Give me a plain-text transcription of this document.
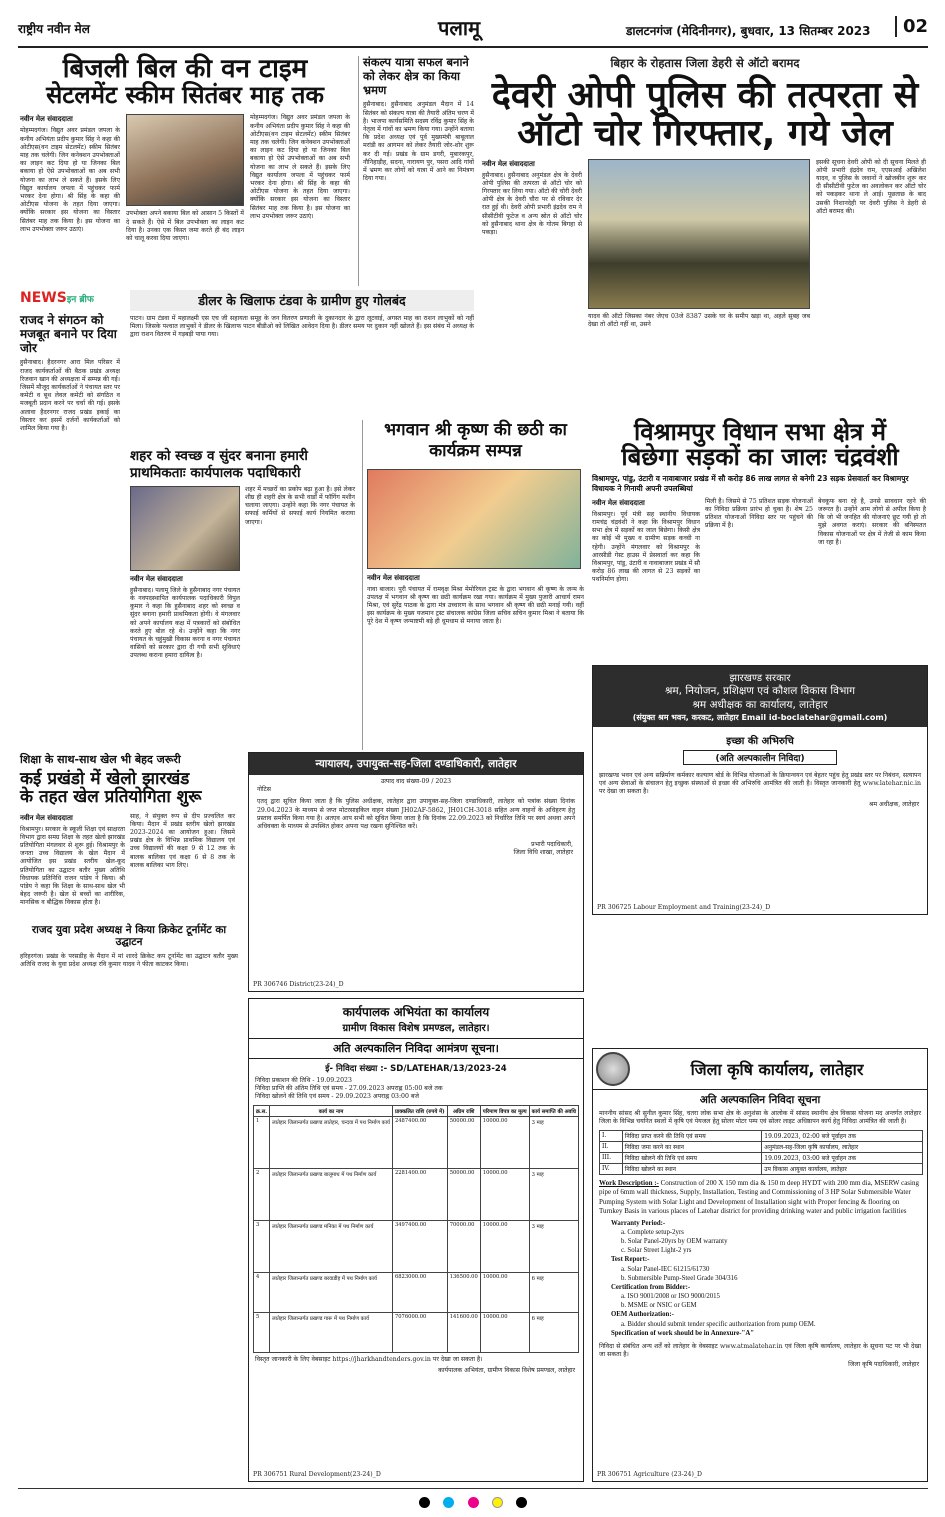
राष्ट्रीय नवीन मेल	पलामू	डालटनगंज (मेदिनीनगर), बुधवार, 13 सितम्बर 2023	02
बिजली बिल की वन टाइम
सेटलमेंट स्कीम सितंबर माह तक
नवीन मेल संवाददाता
मोहम्मदगंज। विद्युत अवर प्रमंडल जपला के कनीय अभियंता प्रदीप कुमार सिंह ने कहा की ओटीएस(वन टाइम सेटलमेंट) स्कीम सितंबर माह तक चलेगी। जिन कनेक्शन उपभोक्ताओं का लाइन कट दिया हो या जिनका बिल बकाया हो ऐसे उपभोक्ताओं का अब सभी योजना का लाभ ले सकते हैं। इसके लिए विद्युत कार्यालय जपला में पहुंचकर फार्म भरकर देना होगा। श्री सिंह के कहा की ओटीएस योजना के तहत दिया जाएगा। क्योंकि सरकार इस योजना का विस्तार सितंबर माह तक किया है। इस योजना का लाभ उपभोक्ता जरूर उठाएं।
उपभोक्ता अपने बकाया बिल को आसान 5 किस्तों में दे सकते हैं। ऐसे में बिल उपभोक्ता का लाइन कट दिया है। उनका एक किस्त जमा करते ही बंद लाइन को चालू करवा दिया जाएगा।
मोहम्मदगंज। विद्युत अवर प्रमंडल जपला के कनीय अभियंता प्रदीप कुमार सिंह ने कहा की ओटीएस(वन टाइम सेटलमेंट) स्कीम सितंबर माह तक चलेगी। जिन कनेक्शन उपभोक्ताओं का लाइन कट दिया हो या जिनका बिल बकाया हो ऐसे उपभोक्ताओं का अब सभी योजना का लाभ ले सकते हैं। इसके लिए विद्युत कार्यालय जपला में पहुंचकर फार्म भरकर देना होगा। श्री सिंह के कहा की ओटीएस योजना के तहत दिया जाएगा। क्योंकि सरकार इस योजना का विस्तार सितंबर माह तक किया है। इस योजना का लाभ उपभोक्ता जरूर उठाएं।
संकल्प यात्रा सफल बनाने को लेकर क्षेत्र का किया भ्रमण
हुसैनाबाद। हुसैनाबाद अनुमंडल मैदान में 14 सितंबर को संकल्प यात्रा की तैयारी अंतिम चरण में है। भाजपा कार्यसमिति सदस्य रविंद्र कुमार सिंह के नेतृत्व में गांवों का भ्रमण किया गया। उन्होंने बताया कि प्रदेश अध्यक्ष एवं पूर्व मुख्यमंत्री बाबूलाल मरांडी का आगमन को लेकर तैयारी जोर-शोर शुरू कर दी गई। प्रखंड के ग्राम डगरी, मुबारकपुर, नौनिहाड़ीह, सदना, नारायण पुर, पसरा आदि गांवों में भ्रमण कर लोगों को यात्रा में आने का निमंत्रण दिया गया।
बिहार के रोहतास जिला डेहरी से ऑटो बरामद
देवरी ओपी पुलिस की तत्परता से
ऑटो चोर गिरफ्तार, गये जेल
नवीन मेल संवाददाता
हुसैनाबाद। हुसैनाबाद अनुमंडल क्षेत्र के देवरी ओपी पुलिस की तत्परता से ऑटो चोर को गिरफ्तार कर लिया गया। ऑटो की चोरी देवरी ओपी क्षेत्र के देवरी चौरा पर से रविवार देर रात हुई थी। देवरी ओपी प्रभारी इंद्रदेव राम ने सीसीटीवी फुटेज व अन्य स्रोत से ऑटो चोर को हुसैनाबाद थाना क्षेत्र के गोतम बिगहा से पकड़ा।
यादव की ऑटो जिसका नंबर जेएच 03जे 8387 उसके घर के समीप खड़ा था, अहले सुबह जब देखा तो ऑटो नहीं था, उसने
इसकी सूचना देवरी ओपी को दी सूचना मिलते ही ओपी प्रभारी इंद्रदेव राम, एएसआई अखिलेश यादव, व पुलिस के जवानों ने खोजबीन शुरू कर दी सीसीटीवी फुटेज का अवलोकन कर ऑटो चोर को पकड़कर थाना ले आई। पूछताछ के बाद उसकी निशानदेही पर देवरी पुलिस ने डेहरी से ऑटो बरामद की।
NEWSइन ब्रीफ
राजद ने संगठन को मजबूत बनाने पर दिया जोर
हुसैनाबाद। हैदरनगर आरा मिल परिसर में राजद कार्यकर्ताओं की बैठक प्रखंड अध्यक्ष रिजवान खान की अध्यक्षता में सम्पन्न की गई। जिसमें मौजूद कार्यकर्ताओं ने पंचायत स्तर पर कमेटी व बूथ लेवल कमेटी को संगठित व मजबूती प्रदान करने पर चर्चा की गई। इसके अलावा हैदरनगर राजद प्रखंड इकाई का विस्तार कर इसमें दर्जनों कार्यकर्ताओं को शामिल किया गया है।
डीलर के खिलाफ टंडवा के ग्रामीण हुए गोलबंद
पाटन। ग्राम टंडवा में महालक्ष्मी एस एच जी सहायता समूह के जन वितरण प्रणाली के दुकानदार के द्वारा लूटवाई, अगस्त माह का राशन लाभुकों को नहीं मिला। जिसके पश्चात लाभुकों ने डीलर के खिलाफ पाटन बीडीओ को लिखित आवेदन दिया है। डीलर समय पर दुकान नहीं खोलते हैं। इस संबंध में अध्यक्ष के द्वारा राशन वितरण में गड़बड़ी पाया गया।
शहर को स्वच्छ व सुंदर बनाना हमारी प्राथमिकताः कार्यपालक पदाधिकारी
नवीन मेल संवाददाता
हुसैनाबाद। पलामू जिले के हुसैनाबाद नगर पंचायत के नवपदस्थापित कार्यपालक पदाधिकारी विपुल कुमार ने कहा कि हुसैनाबाद शहर को स्वच्छ व सुंदर बनाना हमारी प्राथमिकता होगी। वे मंगलवार को अपने कार्यालय कक्ष में पत्रकारों को संबोधित करते हुए बोल रहे थे। उन्होंने कहा कि नगर पंचायत के चहुंमुखी विकास करना व नगर पंचायत वासियों को सरकार द्वारा दी गयी सभी सुविधाएं उपलब्ध कराना हमारा दायित्व है।
शहर में मच्छरों का प्रकोप बढ़ा हुआ है। इसे लेकर शीघ्र ही शहरी क्षेत्र के सभी वार्डों में फॉगिंग मशीन चलाया जाएगा। उन्होंने कहा कि नगर पंचायत के सफाई कर्मियों से सफाई कार्य नियमित कराया जाएगा।
भगवान श्री कृष्ण की छठी का कार्यक्रम सम्पन्न
नवीन मेल संवाददाता
नावा बाजार। पुरी पंचायत में रामवृक्ष मिश्रा मेमोरियल ट्रस्ट के द्वारा भगवान श्री कृष्ण के जन्म के उपलक्ष में भगवान श्री कृष्ण का छठी कार्यक्रम रखा गया। कार्यक्रम में मुख्य पुजारी आचार्य रामन मिश्रा, एवं सुरेंद्र पाठक के द्वारा मंत्र उच्चारण के साथ भगवान श्री कृष्ण की छठी मनाई गयी। वहीं इस कार्यक्रम के मुख्य यजमान ट्रस्ट संचालक कांग्रेस जिला सचिव सचिन कुमार मिश्रा ने बताया कि पूरे देश में कृष्ण जन्माष्टमी बड़े ही धूमधाम से मनाया जाता है।
विश्रामपुर विधान सभा क्षेत्र में
बिछेगा सड़कों का जालः चंद्रवंशी
विश्रामपुर, पांडु, उंटारी व नावाबाजार प्रखंड में सौ करोड़ 86 लाख लागत से बनेगी 23 सड़क प्रेसवार्ता कर विश्रामपुर विधायक ने गिनायी अपनी उपलब्धियां
नवीन मेल संवाददाता
विश्रामपुर। पूर्व मंत्री सह स्थानीय विधायक रामचंद्र चंद्रवंशी ने कहा कि विश्रामपुर विधान सभा क्षेत्र में सड़कों का जाल बिछेगा। किसी क्षेत्र का कोई भी मुख्य व ग्रामीण सड़क कच्ची ना रहेगी। उन्होंने मंगलवार को विश्रामपुर के आरसीडी गेस्ट हाउस में प्रेसवार्ता कर कहा कि विश्रामपुर, पांडु, उंटारी व नावाबाजार प्रखंड में सौ करोड़ 86 लाख की लागत से 23 सड़कों का पथनिर्माण होगा।
मिली है। जिसमे से 75 प्रतिशत सड़क योजनाओं का निविदा प्रक्रिया प्रारंभ हो चुका है। शेष 25 प्रतिशत योजनाओं निविदा स्तर पर पहुंचने की प्रक्रिया में है।
बेवकूफ बना रहे है, उनसे सावधान रहने की जरूरत है। उन्होंने आम लोगो से अपील किया है कि जो भी जनहित की योजनाएं छूट गयी हो तो मुझे अवगत कराएं। सरकार की बनिस्पतत विकास योजनाओं पर क्षेत्र में तेजी से काम किया जा रहा है।
झारखण्ड सरकार
श्रम, नियोजन, प्रशिक्षण एवं कौशल विकास विभाग
श्रम अधीक्षक का कार्यालय, लातेहार
(संयुक्त श्रम भवन, करकट, लातेहार Email id-boclatehar@gmail.com)
इच्छा की अभिरुचि
(अति अल्पकालीन निविदा)
झारखण्ड भवन एवं अन्य सन्निर्माण कर्मकार कल्याण बोर्ड के विभिन्न योजनाओं के क्रियान्वयन एवं बेहतर पहुंच हेतु प्रखंड स्तर पर निबंधन, सत्यापन एवं अन्य सेवाओं के संचालन हेतु इच्छुक संस्थाओं से इच्छा की अभिरुचि आमंत्रित की जाती है। विस्तृत जानकारी हेतु www.latehar.nic.in पर देखा जा सकता है।
श्रम अधीक्षक, लातेहार
PR 306725 Labour Employment and Training(23-24)_D
शिक्षा के साथ-साथ खेल भी बेहद जरूरी
कई प्रखंडो में खेलो झारखंड
के तहत खेल प्रतियोगिता शुरू
नवीन मेल संवाददाता
विश्रामपुर। सरकार के स्कूली शिक्षा एवं साक्षरता विभाग द्वारा समग्र शिक्षा के तहत खेलो झारखंड प्रतियोगिता मंगलवार से शुरू हुई। विश्रामपुर के जनता उच्च विद्यालय के खेल मैदान में आयोजित इस प्रखंड स्तरीय खेल-कूद प्रतियोगिता का उद्घाटन बतौर मुख्य अतिथि विधायक प्रतिनिधि राजन पांडेय ने किया। श्री पांडेय ने कहा कि शिक्षा के साथ-साथ खेल भी बेहद जरूरी है। खेल से बच्चों का शारीरिक, मानसिक व बौद्धिक विकास होता है।
साह, ने संयुक्त रूप से दीप प्रज्वलित कर किया। मैदान में प्रखंड स्तरीय खेलो झारखंड 2023-2024 का आयोजन हुआ। जिसमे प्रखंड क्षेत्र के विभिन्न प्राथमिक विद्यालय एवं उच्च विद्यालयों की कक्षा 9 से 12 तक के बालक बालिका एवं कक्षा 6 से 8 तक के बालक बालिका भाग लिए।
राजद युवा प्रदेश अध्यक्ष ने किया क्रिकेट टूर्नामेंट का उद्घाटन
हरिहरगंज। प्रखंड के परसडीह के मैदान में मां शारदे क्रिकेट कप टूर्नामेंट का उद्घाटन बतौर मुख्य अतिथि राजद के युवा प्रदेश अध्यक्ष रवि कुमार यादव ने फीता काटकर किया।
न्यायालय, उपायुक्त-सह-जिला दण्डाधिकारी, लातेहार
उत्पाद वाद संख्या-09 / 2023
नोटिस
एतद् द्वारा सूचित किया जाता है कि पुलिस अधीक्षक, लातेहार द्वारा उपायुक्त-सह-जिला दण्डाधिकारी, लातेहार को पत्रांक संख्या दिनांक 29.04.2023 के माध्यम से जप्त मोटरसाइकिल वाहन संख्या JH02AF-5862, JH01CH-3018 सहित अन्य वाहनों के अधिहरण हेतु प्रस्ताव समर्पित किया गया है। अतएव आप सभी को सूचित किया जाता है कि दिनांक 22.09.2023 को निर्धारित तिथि पर स्वयं अथवा अपने अधिवक्ता के माध्यम से उपस्थित होकर अपना पक्ष रखना सुनिश्चित करें।
प्रभारी पदाधिकारी,
जिला विधि शाखा, लातेहार
PR 306746 District(23-24)_D
कार्यपालक अभियंता का कार्यालय
ग्रामीण विकास विशेष प्रमण्डल, लातेहार।
अति अल्पकालिन निविदा आमंत्रण सूचना।
ई- निविदा संख्या :- SD/LATEHAR/13/2023-24
निविदा प्रकाशन की तिथि - 19.09.2023
निविदा प्राप्ति की अंतिम तिथि एवं समय - 27.09.2023 अपराह्न 05:00 बजे तक
निविदा खोलने की तिथि एवं समय - 29.09.2023 अपराह्न 03:00 बजे
क्र.स.	कार्य का नाम	प्राक्कलित राशि (रुपये में)	अग्रिम राशि	परिमाण विपत्र का मूल्य	कार्य समाप्ति की अवधि
1	लातेहार जिलान्तर्गत प्रखण्ड लातेहार, चन्दवा में पथ निर्माण कार्य	2487400.00	50000.00	10000.00	3 माह
2	लातेहार जिलान्तर्गत प्रखण्ड बालूमाथ में पथ निर्माण कार्य	2281400.00	50000.00	10000.00	3 माह
3	लातेहार जिलान्तर्गत प्रखण्ड मनिका में पथ निर्माण कार्य	3497400.00	70000.00	10000.00	3 माह
4	लातेहार जिलान्तर्गत प्रखण्ड बरवाडीह में पथ निर्माण कार्य	6823000.00	136500.00	10000.00	6 माह
5	लातेहार जिलान्तर्गत प्रखण्ड गारू में पथ निर्माण कार्य	7076000.00	141600.00	10000.00	6 माह
विस्तृत जानकारी के लिए वेबसाइट https://jharkhandtenders.gov.in पर देखा जा सकता है।
कार्यपालक अभियंता, ग्रामीण विकास विशेष प्रमण्डल, लातेहार
PR 306751 Rural Development(23-24)_D
जिला कृषि कार्यालय, लातेहार
अति अल्पकालिन निविदा सूचना
माननीय सांसद श्री सुनील कुमार सिंह, चतरा लोक सभा क्षेत्र के अनुशंसा के आलोक में सांसद स्थानीय क्षेत्र विकास योजना मद अन्तर्गत लातेहार जिला के विभिन्न चयनित स्थलों में कृषि एवं पेयजल हेतु सोलर मोटर पम्प एवं सोलर लाइट अधिष्ठापन कार्य हेतु निविदा आमंत्रित की जाती है।
I.	निविदा प्राप्त करने की तिथि एवं समय	19.09.2023, 02:00 बजे पूर्वाहन तक
II.	निविदा जमा करने का स्थान	अनुमंडल-सह-जिला कृषि कार्यालय, लातेहार
III.	निविदा खोलने की तिथि एवं समय	19.09.2023, 03:00 बजे पूर्वाहन तक
IV.	निविदा खोलने का स्थान	उप विकास आयुक्त कार्यालय, लातेहार
Work Description :- Construction of 200 X 150 mm dia & 150 m deep HYDT with 200 mm dia, MSERW casing pipe of 6mm wall thickness, Supply, Installation, Testing and Commissioning of 3 HP Solar Submersible Water Pumping System with Solar Light and Development of Installation sight with Proper fencing & flooring on Turnkey Basis in various places of Latehar district for providing drinking water and public irrigation facilities
Warranty Period:-
a. Complete setup-2yrs
b. Solar Panel-20yrs by OEM warranty
c. Solar Street Light-2 yrs
Test Report:-
a. Solar Panel-IEC 61215/61730
b. Submersible Pump-Steel Grade 304/316
Certification from Bidder:-
a. ISO 9001/2008 or ISO 9000/2015
b. MSME or NSIC or GEM
OEM Authorization:-
a. Bidder should submit tender specific authorization from pump OEM.
Specification of work should be in Annexure-"A"
निविदा से संबंधित अन्य शर्तें को लातेहार के वेबसाइट www.atmalatehar.in एवं जिला कृषि कार्यालय, लातेहार के सूचना पट पर भी देखा जा सकता है।
जिला कृषि पदाधिकारी, लातेहार
PR 306751 Agriculture (23-24)_D
